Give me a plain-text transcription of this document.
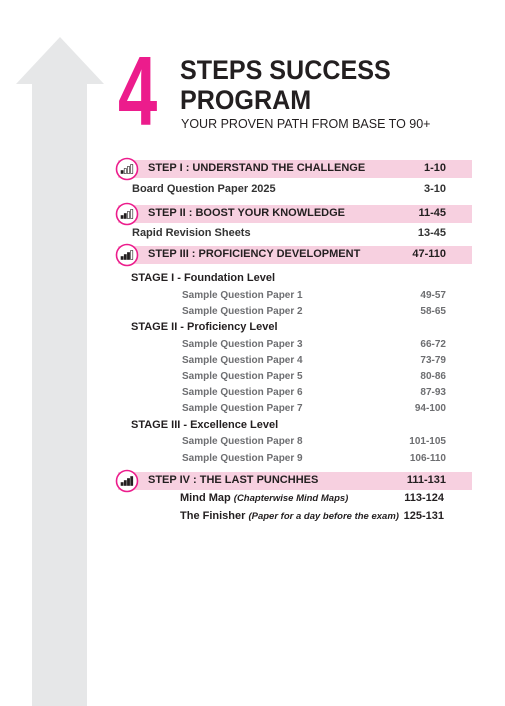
4 STEPS SUCCESS
PROGRAM
YOUR PROVEN PATH FROM BASE TO 90+
STEP I : UNDERSTAND THE CHALLENGE	1-10
Board Question Paper 2025	3-10
STEP II : BOOST YOUR KNOWLEDGE	11-45
Rapid Revision Sheets	13-45
STEP III : PROFICIENCY DEVELOPMENT	47-110
STAGE I - Foundation Level
Sample Question Paper 1	49-57
Sample Question Paper 2	58-65
STAGE II - Proficiency Level
Sample Question Paper 3	66-72
Sample Question Paper 4	73-79
Sample Question Paper 5	80-86
Sample Question Paper 6	87-93
Sample Question Paper 7	94-100
STAGE III - Excellence Level
Sample Question Paper 8	101-105
Sample Question Paper 9	106-110
STEP IV : THE LAST PUNCHHES	111-131
Mind Map (Chapterwise Mind Maps)	113-124
The Finisher (Paper for a day before the exam) 125-131
